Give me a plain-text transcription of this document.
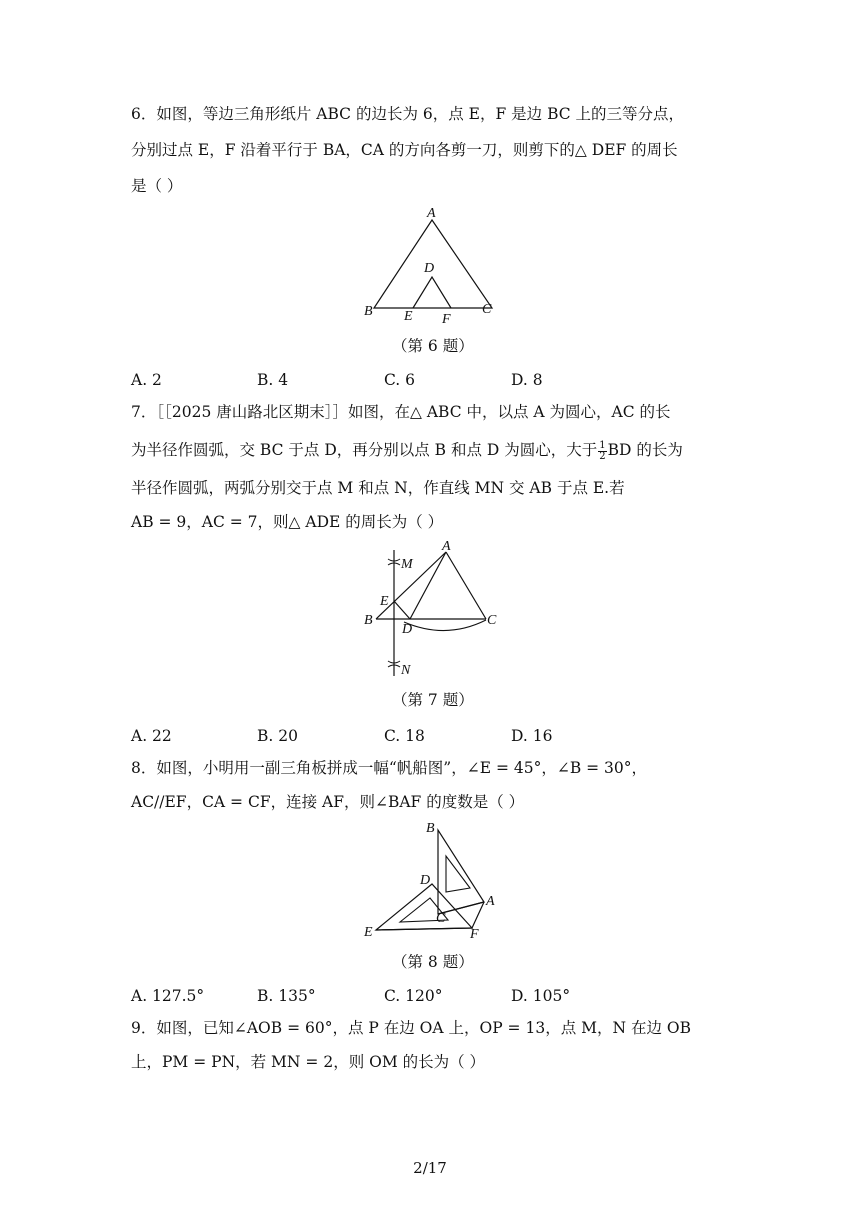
6．如图，等边三角形纸片 ABC 的边长为 6，点 E，F 是边 BC 上的三等分点，
分别过点 E，F 沿着平行于 BA，CA 的方向各剪一刀，则剪下的△ DEF 的周长
是（ ）
A
B	C
D
E F
（第 6 题）
A. 2	B. 4	C. 6	D. 8
7．［［2025 唐山路北区期末］］如图，在△ ABC 中，以点 A 为圆心，AC 的长
为半径作圆弧，交 BC 于点 D，再分别以点 B 和点 D 为圆心，大于 $\frac{1}{2}$ BD 的长为
半径作圆弧，两弧分别交于点 M 和点 N，作直线 MN 交 AB 于点 E.若
AB = 9，AC = 7，则△ ADE 的周长为（ ）
A
B	C
D
E
M
N
（第 7 题）
A. 22	B. 20	C. 18	D. 16
8．如图，小明用一副三角板拼成一幅“帆船图”，∠E = 45°，∠B = 30°，
AC//EF，CA = CF，连接 AF，则∠BAF 的度数是（ ）
B
A
C
D
E	F
（第 8 题）
A. 127.5°	B. 135°	C. 120°	D. 105°
9．如图，已知∠AOB = 60°，点 P 在边 OA 上，OP = 13，点 M，N 在边 OB
上，PM = PN，若 MN = 2，则 OM 的长为（ ）
2/17
